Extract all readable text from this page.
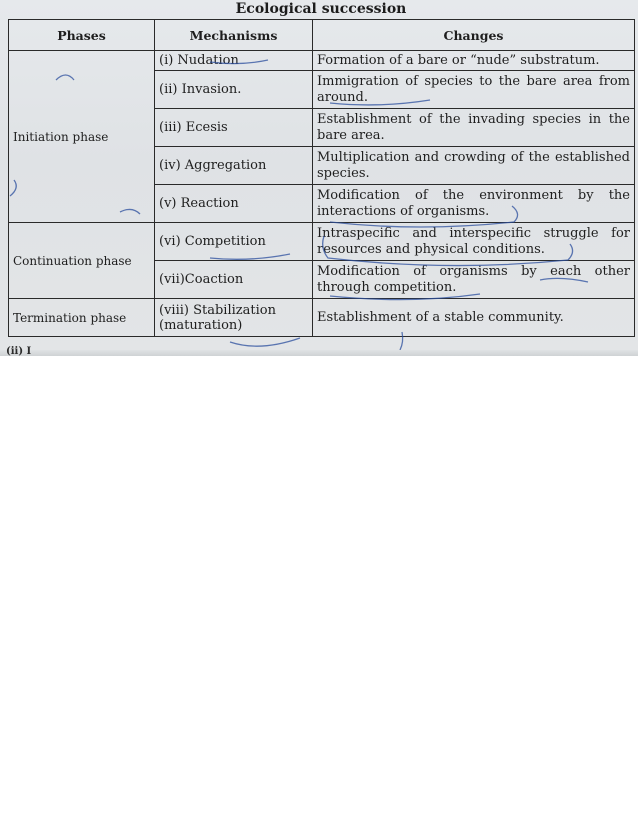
Ecological succession
Phases	Mechanisms	Changes
Initiation phase	(i) Nudation	Formation of a bare or “nude” substratum.
	(ii) Invasion.	Immigration of species to the bare area from around.
	(iii) Ecesis	Establishment of the invading species in the bare area.
	(iv) Aggregation	Multiplication and crowding of the established species.
	(v) Reaction	Modification of the environment by the interactions of organisms.
Continuation phase	(vi) Competition	Intraspecific and interspecific struggle for resources and physical conditions.
	(vii)Coaction	Modification of organisms by each other through competition.
Termination phase	(viii) Stabilization (maturation)	Establishment of a stable community.
(ii) I
